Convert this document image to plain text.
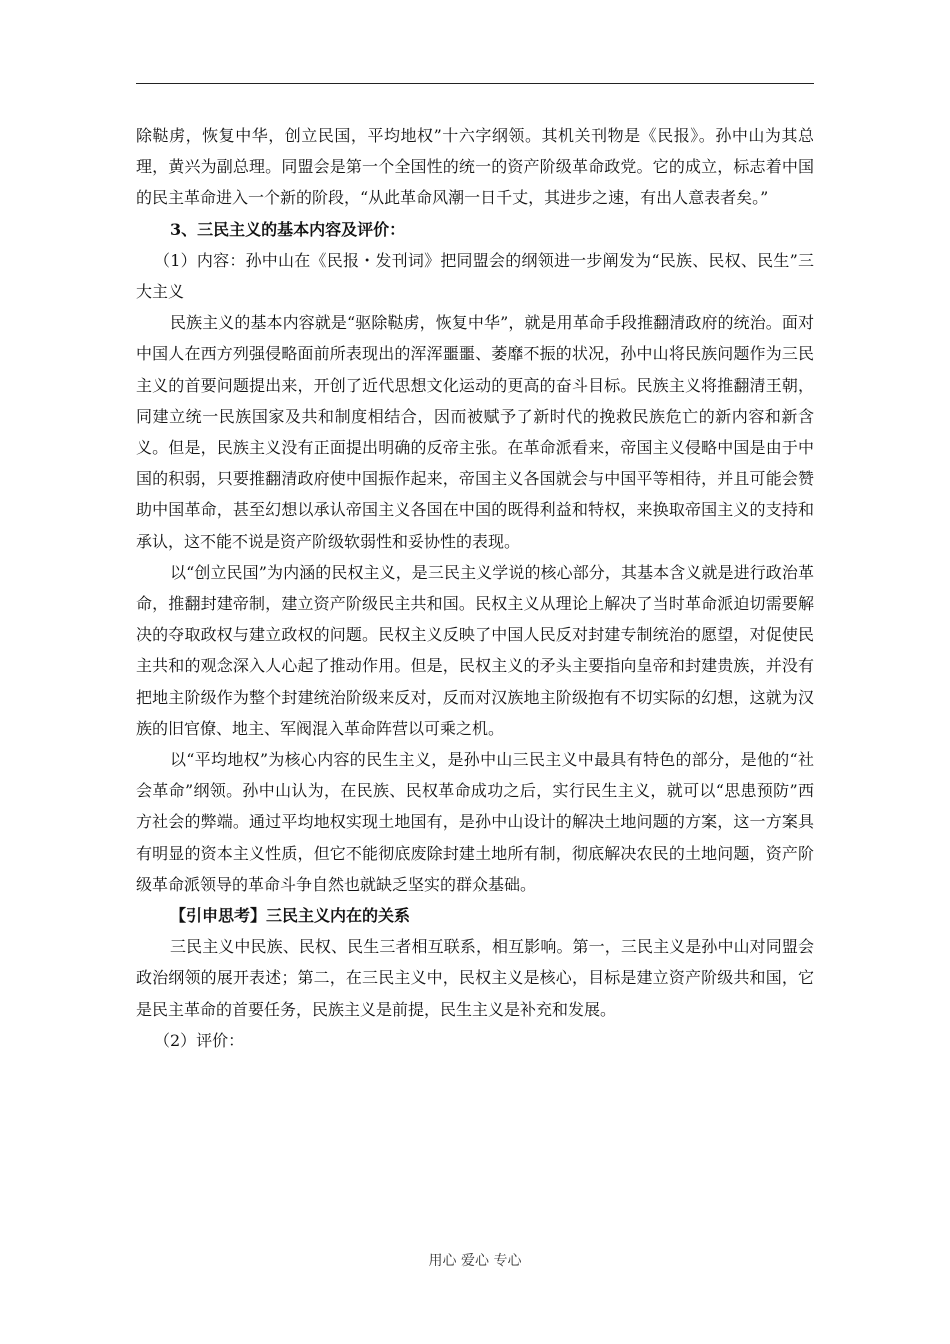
除鞑虏，恢复中华，创立民国，平均地权”十六字纲领。其机关刊物是《民报》。孙中山为其总理，黄兴为副总理。同盟会是第一个全国性的统一的资产阶级革命政党。它的成立，标志着中国的民主革命进入一个新的阶段，“从此革命风潮一日千丈，其进步之速，有出人意表者矣。”

3、三民主义的基本内容及评价：

（1）内容：孙中山在《民报・发刊词》把同盟会的纲领进一步阐发为“民族、民权、民生”三大主义

民族主义的基本内容就是“驱除鞑虏，恢复中华”，就是用革命手段推翻清政府的统治。面对中国人在西方列强侵略面前所表现出的浑浑噩噩、萎靡不振的状况，孙中山将民族问题作为三民主义的首要问题提出来，开创了近代思想文化运动的更高的奋斗目标。民族主义将推翻清王朝，同建立统一民族国家及共和制度相结合，因而被赋予了新时代的挽救民族危亡的新内容和新含义。但是，民族主义没有正面提出明确的反帝主张。在革命派看来，帝国主义侵略中国是由于中国的积弱，只要推翻清政府使中国振作起来，帝国主义各国就会与中国平等相待，并且可能会赞助中国革命，甚至幻想以承认帝国主义各国在中国的既得利益和特权，来换取帝国主义的支持和承认，这不能不说是资产阶级软弱性和妥协性的表现。

以“创立民国”为内涵的民权主义，是三民主义学说的核心部分，其基本含义就是进行政治革命，推翻封建帝制，建立资产阶级民主共和国。民权主义从理论上解决了当时革命派迫切需要解决的夺取政权与建立政权的问题。民权主义反映了中国人民反对封建专制统治的愿望，对促使民主共和的观念深入人心起了推动作用。但是，民权主义的矛头主要指向皇帝和封建贵族，并没有把地主阶级作为整个封建统治阶级来反对，反而对汉族地主阶级抱有不切实际的幻想，这就为汉族的旧官僚、地主、军阀混入革命阵营以可乘之机。

以“平均地权”为核心内容的民生主义，是孙中山三民主义中最具有特色的部分，是他的“社会革命”纲领。孙中山认为，在民族、民权革命成功之后，实行民生主义，就可以“思患预防”西方社会的弊端。通过平均地权实现土地国有，是孙中山设计的解决土地问题的方案，这一方案具有明显的资本主义性质，但它不能彻底废除封建土地所有制，彻底解决农民的土地问题，资产阶级革命派领导的革命斗争自然也就缺乏坚实的群众基础。

【引申思考】三民主义内在的关系

三民主义中民族、民权、民生三者相互联系，相互影响。第一，三民主义是孙中山对同盟会政治纲领的展开表述；第二，在三民主义中，民权主义是核心，目标是建立资产阶级共和国，它是民主革命的首要任务，民族主义是前提，民生主义是补充和发展。

（2）评价：

用心 爱心 专心
